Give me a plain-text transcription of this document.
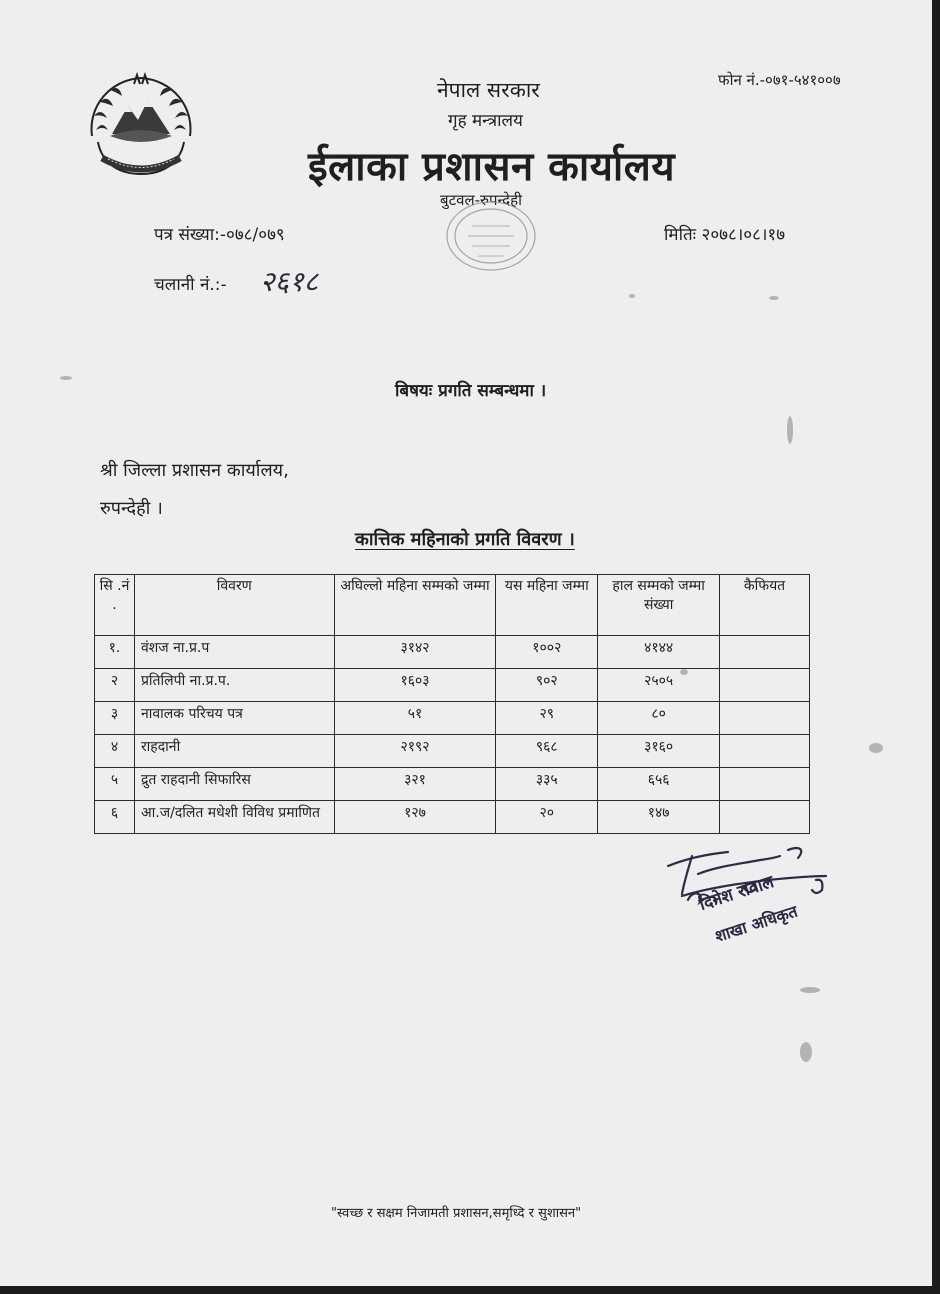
नेपाल सरकार
गृह मन्त्रालय
ईलाका प्रशासन कार्यालय
बुटवल-रुपन्देही
फोन नं.-०७१-५४१००७
पत्र संख्या:-०७८/०७९	मितिः २०७८।०८।१७
चलानी नं.:- २६१८
बिषयः प्रगति सम्बन्धमा ।
श्री जिल्ला प्रशासन कार्यालय,
रुपन्देही ।
कात्तिक महिनाको प्रगति विवरण ।
सि .नं .	विवरण	अघिल्लो महिना सम्मको जम्मा	यस महिना जम्मा	हाल सम्मको जम्मा संख्या	कैफियत
१.	वंशज ना.प्र.प	३१४२	१००२	४१४४	
२	प्रतिलिपी ना.प्र.प.	१६०३	९०२	२५०५	
३	नावालक परिचय पत्र	५१	२९	८०	
४	राहदानी	२१९२	९६८	३१६०	
५	द्रुत राहदानी सिफारिस	३२१	३३५	६५६	
६	आ.ज/दलित मधेशी विविध प्रमाणित	१२७	२०	१४७	
दिनेश रावाल
शाखा अधिकृत
"स्वच्छ र सक्षम निजामती प्रशासन,समृध्दि र सुशासन"
